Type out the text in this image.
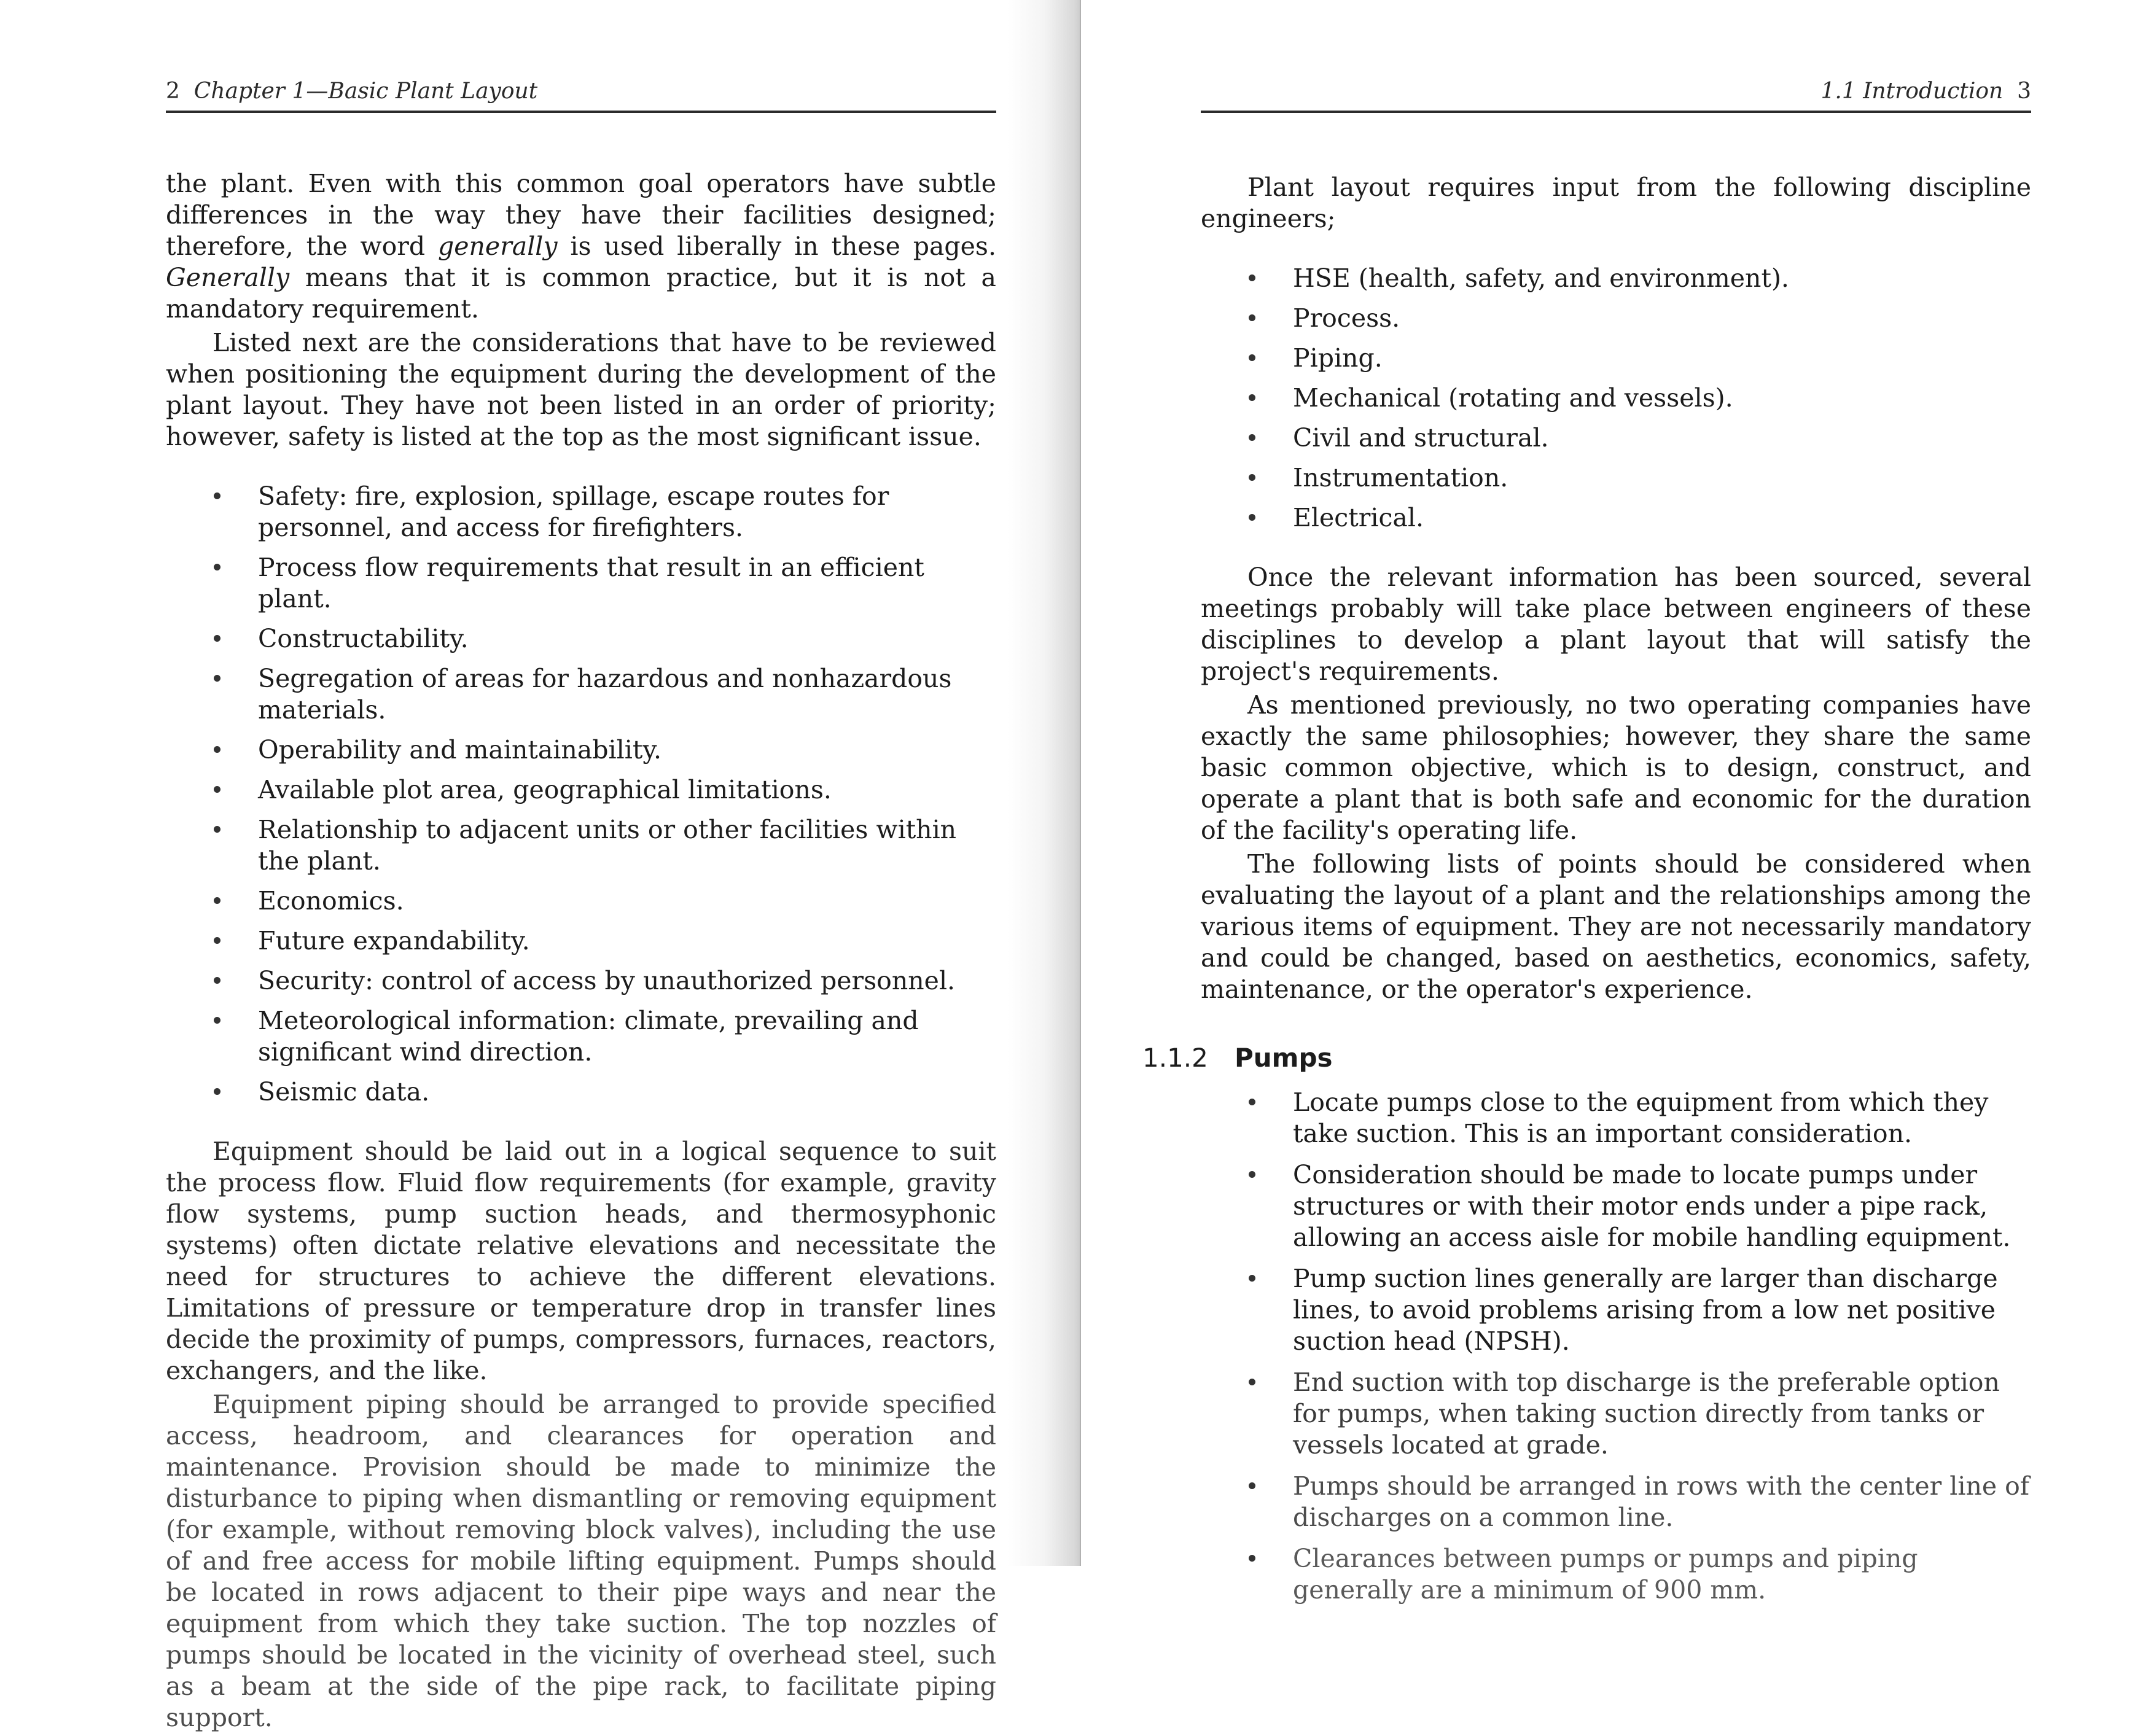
2 Chapter 1—Basic Plant Layout

the plant. Even with this common goal operators have subtle differences in the way they have their facilities designed; therefore, the word generally is used liberally in these pages. Generally means that it is common practice, but it is not a mandatory requirement.

Listed next are the considerations that have to be reviewed when positioning the equipment during the development of the plant layout. They have not been listed in an order of priority; however, safety is listed at the top as the most significant issue.

Safety: fire, explosion, spillage, escape routes for personnel, and access for firefighters.
Process flow requirements that result in an efficient plant.
Constructability.
Segregation of areas for hazardous and nonhazardous materials.
Operability and maintainability.
Available plot area, geographical limitations.
Relationship to adjacent units or other facilities within the plant.
Economics.
Future expandability.
Security: control of access by unauthorized personnel.
Meteorological information: climate, prevailing and significant wind direction.
Seismic data.

Equipment should be laid out in a logical sequence to suit the process flow. Fluid flow requirements (for example, gravity flow systems, pump suction heads, and thermosyphonic systems) often dictate relative elevations and necessitate the need for structures to achieve the different elevations. Limitations of pressure or temperature drop in transfer lines decide the proximity of pumps, compressors, furnaces, reactors, exchangers, and the like.

Equipment piping should be arranged to provide specified access, headroom, and clearances for operation and maintenance. Provision should be made to minimize the disturbance to piping when dismantling or removing equipment (for example, without removing block valves), including the use of and free access for mobile lifting equipment. Pumps should be located in rows adjacent to their pipe ways and near the equipment from which they take suction. The top nozzles of pumps should be located in the vicinity of overhead steel, such as a beam at the side of the pipe rack, to facilitate piping support.

1.1 Introduction 3

Plant layout requires input from the following discipline engineers;

HSE (health, safety, and environment).
Process.
Piping.
Mechanical (rotating and vessels).
Civil and structural.
Instrumentation.
Electrical.

Once the relevant information has been sourced, several meetings probably will take place between engineers of these disciplines to develop a plant layout that will satisfy the project's requirements.

As mentioned previously, no two operating companies have exactly the same philosophies; however, they share the same basic common objective, which is to design, construct, and operate a plant that is both safe and economic for the duration of the facility's operating life.

The following lists of points should be considered when evaluating the layout of a plant and the relationships among the various items of equipment. They are not necessarily mandatory and could be changed, based on aesthetics, economics, safety, maintenance, or the operator's experience.

1.1.2 Pumps
Locate pumps close to the equipment from which they take suction. This is an important consideration.
Consideration should be made to locate pumps under structures or with their motor ends under a pipe rack, allowing an access aisle for mobile handling equipment.
Pump suction lines generally are larger than discharge lines, to avoid problems arising from a low net positive suction head (NPSH).
End suction with top discharge is the preferable option for pumps, when taking suction directly from tanks or vessels located at grade.
Pumps should be arranged in rows with the center line of discharges on a common line.
Clearances between pumps or pumps and piping generally are a minimum of 900 mm.
